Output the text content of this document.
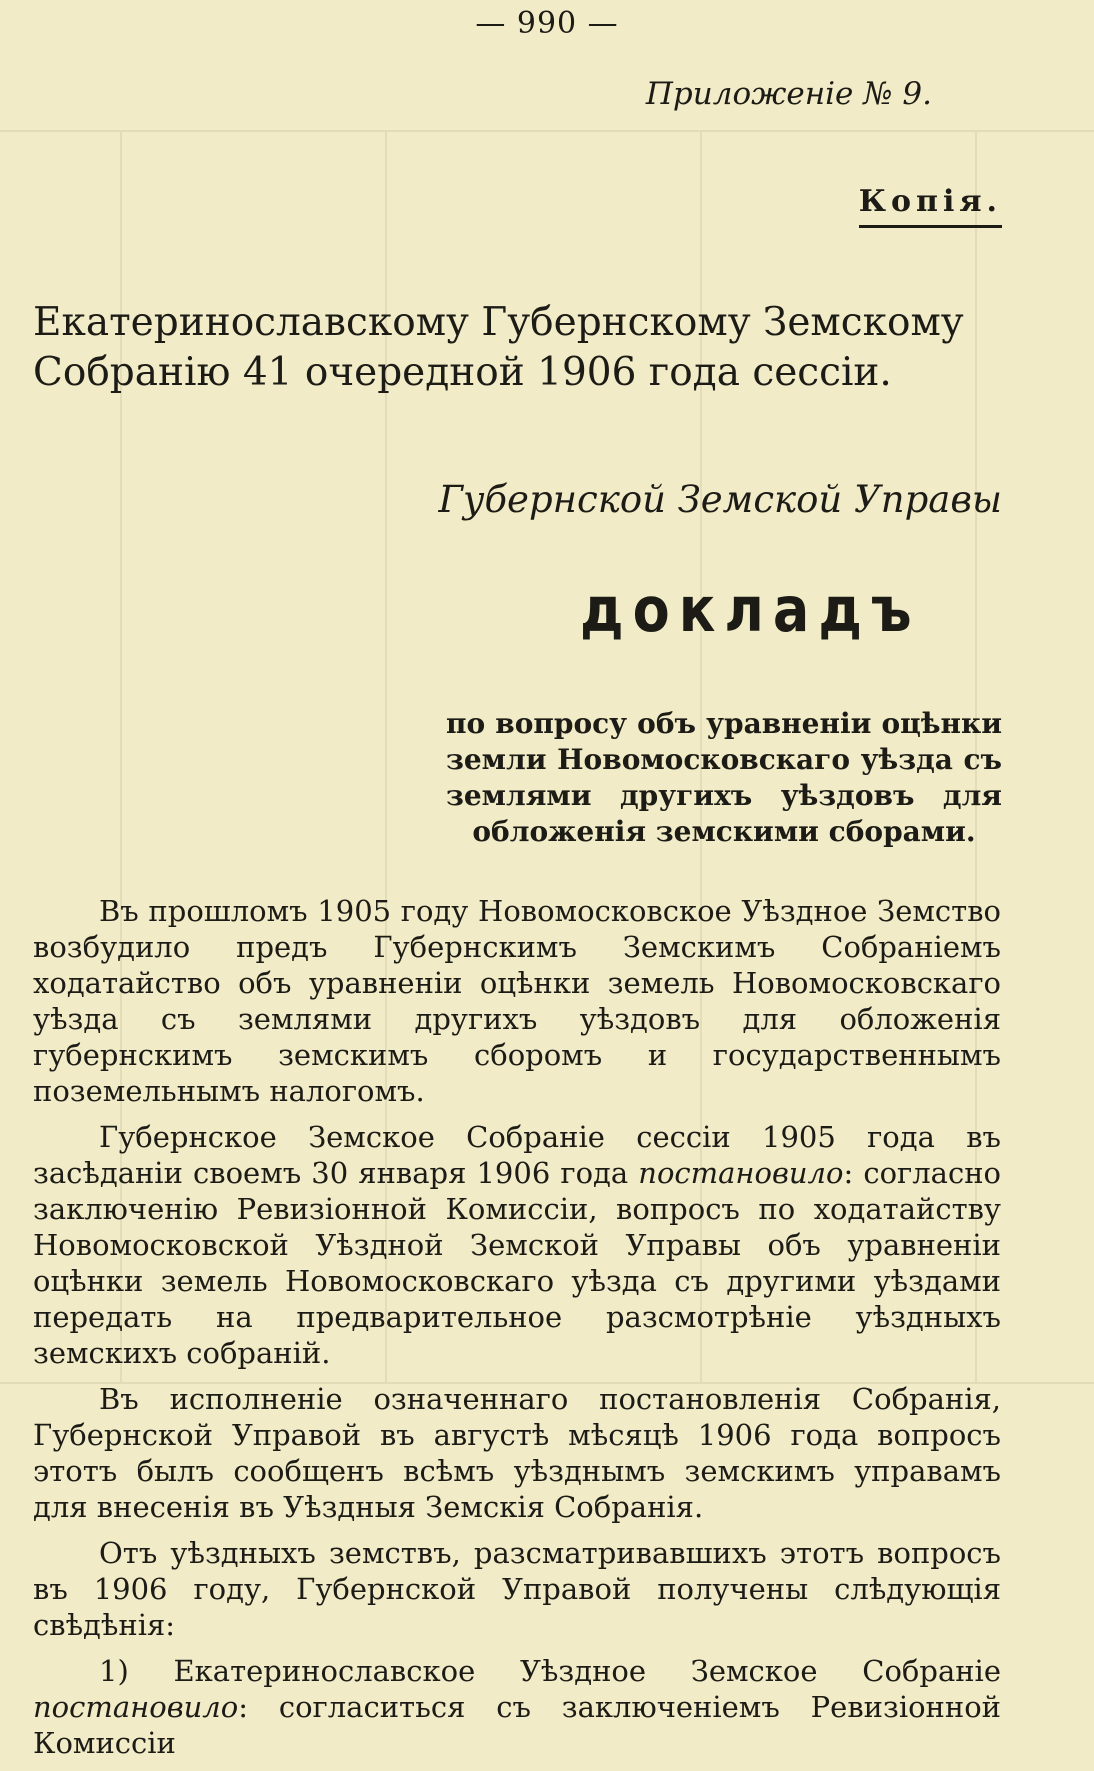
— 990 —
Приложеніе № 9.
Копія.
Екатеринославскому Губернскому Земскому
Собранію 41 очередной 1906 года сессіи.
Губернской Земской Управы
докладъ
по вопросу объ уравненіи оцѣнки земли Новомосковскаго уѣзда съ землями другихъ уѣздовъ для обложенія земскими сборами.

Въ прошломъ 1905 году Новомосковское Уѣздное Земство возбудило предъ Губернскимъ Земскимъ Собраніемъ ходатайство объ уравненіи оцѣнки земель Новомосковскаго уѣзда съ землями другихъ уѣздовъ для обложенія губернскимъ земскимъ сборомъ и государственнымъ поземельнымъ налогомъ.

Губернское Земское Собраніе сессіи 1905 года въ засѣданіи своемъ 30 января 1906 года постановило: согласно заключенію Ревизіонной Комиссіи, вопросъ по ходатайству Новомосковской Уѣздной Земской Управы объ уравненіи оцѣнки земель Новомосковскаго уѣзда съ другими уѣздами передать на предварительное разсмотрѣніе уѣздныхъ земскихъ собраній.

Въ исполненіе означеннаго постановленія Собранія, Губернской Управой въ августѣ мѣсяцѣ 1906 года вопросъ этотъ былъ сообщенъ всѣмъ уѣзднымъ земскимъ управамъ для внесенія въ Уѣздныя Земскія Собранія.

Отъ уѣздныхъ земствъ, разсматривавшихъ этотъ вопросъ въ 1906 году, Губернской Управой получены слѣдующія свѣдѣнія:

1) Екатеринославское Уѣздное Земское Собраніе постановило: согласиться съ заключеніемъ Ревизіонной Комиссіи
